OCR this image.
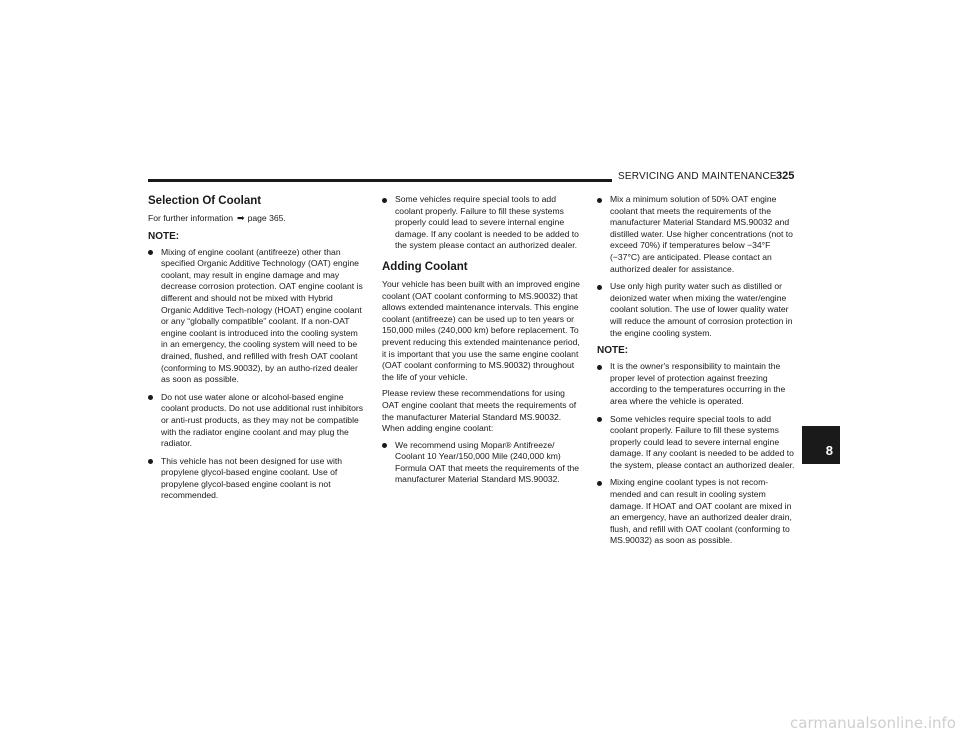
SERVICING AND MAINTENANCE 325
Selection Of Coolant

For further information ➡ page 365.

NOTE:
Mixing of engine coolant (antifreeze) other than specified Organic Additive Technology (OAT) engine coolant, may result in engine damage and may decrease corrosion protection. OAT engine coolant is different and should not be mixed with Hybrid Organic Additive Tech-nology (HOAT) engine coolant or any “globally compatible” coolant. If a non-OAT engine coolant is introduced into the cooling system in an emergency, the cooling system will need to be drained, flushed, and refilled with fresh OAT coolant (conforming to MS.90032), by an autho-rized dealer as soon as possible.
Do not use water alone or alcohol-based engine coolant products. Do not use additional rust inhibitors or anti-rust products, as they may not be compatible with the radiator engine coolant and may plug the radiator.
This vehicle has not been designed for use with propylene glycol-based engine coolant. Use of propylene glycol-based engine coolant is not recommended.
Some vehicles require special tools to add coolant properly. Failure to fill these systems properly could lead to severe internal engine damage. If any coolant is needed to be added to the system please contact an authorized dealer.
Adding Coolant

Your vehicle has been built with an improved engine coolant (OAT coolant conforming to MS.90032) that allows extended maintenance intervals. This engine coolant (antifreeze) can be used up to ten years or 150,000 miles (240,000 km) before replacement. To prevent reducing this extended maintenance period, it is important that you use the same engine coolant (OAT coolant conforming to MS.90032) throughout the life of your vehicle.

Please review these recommendations for using OAT engine coolant that meets the requirements of the manufacturer Material Standard MS.90032. When adding engine coolant:

We recommend using Mopar® Antifreeze/ Coolant 10 Year/150,000 Mile (240,000 km) Formula OAT that meets the requirements of the manufacturer Material Standard MS.90032.
Mix a minimum solution of 50% OAT engine coolant that meets the requirements of the manufacturer Material Standard MS.90032 and distilled water. Use higher concentrations (not to exceed 70%) if temperatures below −34°F (−37°C) are anticipated. Please contact an authorized dealer for assistance.
Use only high purity water such as distilled or deionized water when mixing the water/engine coolant solution. The use of lower quality water will reduce the amount of corrosion protection in the engine cooling system.
NOTE:
It is the owner's responsibility to maintain the proper level of protection against freezing according to the temperatures occurring in the area where the vehicle is operated.
Some vehicles require special tools to add coolant properly. Failure to fill these systems properly could lead to severe internal engine damage. If any coolant is needed to be added to the system, please contact an authorized dealer.
Mixing engine coolant types is not recom-mended and can result in cooling system damage. If HOAT and OAT coolant are mixed in an emergency, have an authorized dealer drain, flush, and refill with OAT coolant (conforming to MS.90032) as soon as possible.
8
carmanualsonline.info
